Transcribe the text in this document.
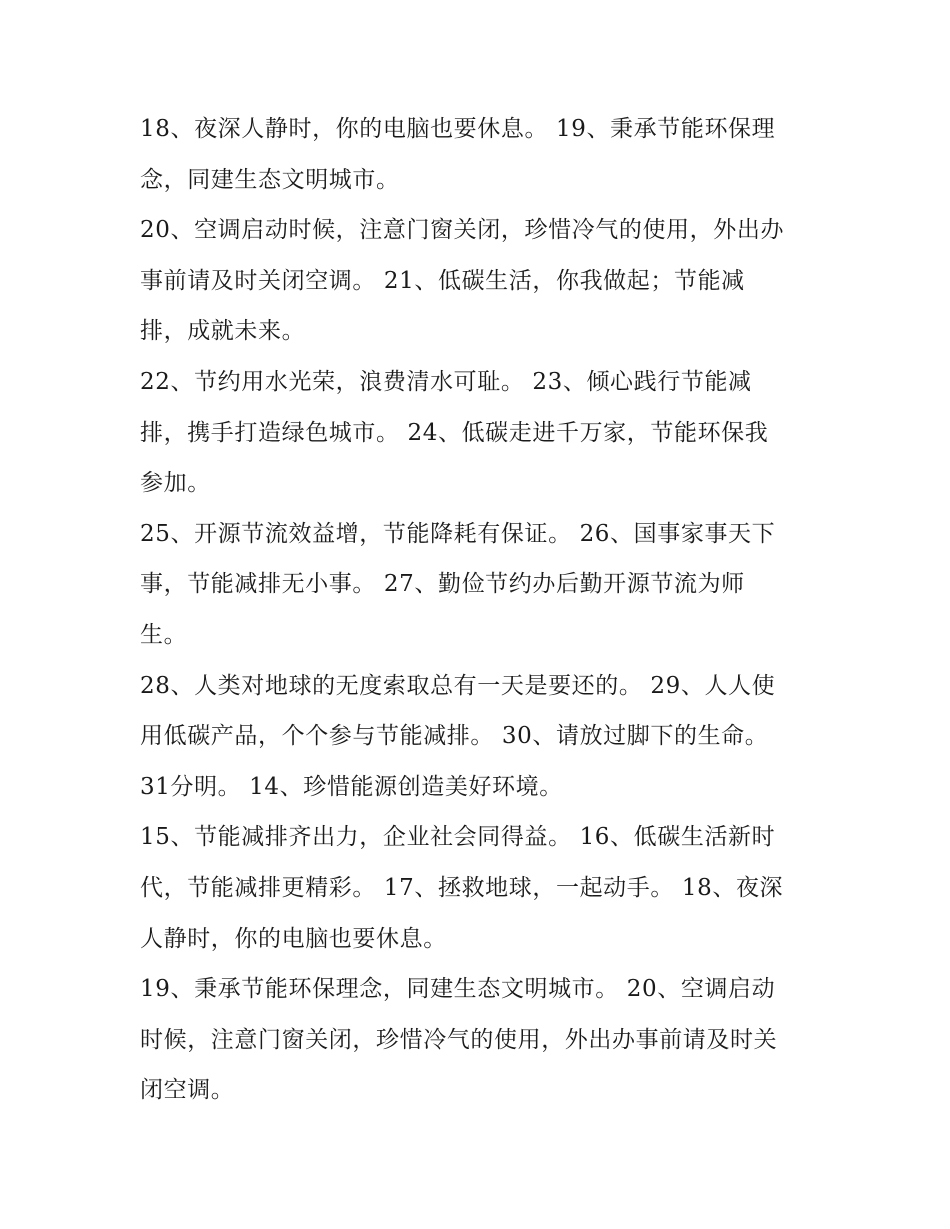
18、夜深人静时，你的电脑也要休息。 19、秉承节能环保理
念，同建生态文明城市。
20、空调启动时候，注意门窗关闭，珍惜冷气的使用，外出办
事前请及时关闭空调。 21、低碳生活，你我做起；节能减
排，成就未来。
22、节约用水光荣，浪费清水可耻。 23、倾心践行节能减
排，携手打造绿色城市。 24、低碳走进千万家，节能环保我
参加。
25、开源节流效益增，节能降耗有保证。 26、国事家事天下
事，节能减排无小事。 27、勤俭节约办后勤开源节流为师
生。
28、人类对地球的无度索取总有一天是要还的。 29、人人使
用低碳产品，个个参与节能减排。 30、请放过脚下的生命。
31分明。 14、珍惜能源创造美好环境。
15、节能减排齐出力，企业社会同得益。 16、低碳生活新时
代，节能减排更精彩。 17、拯救地球，一起动手。 18、夜深
人静时，你的电脑也要休息。
19、秉承节能环保理念，同建生态文明城市。 20、空调启动
时候，注意门窗关闭，珍惜冷气的使用，外出办事前请及时关
闭空调。
